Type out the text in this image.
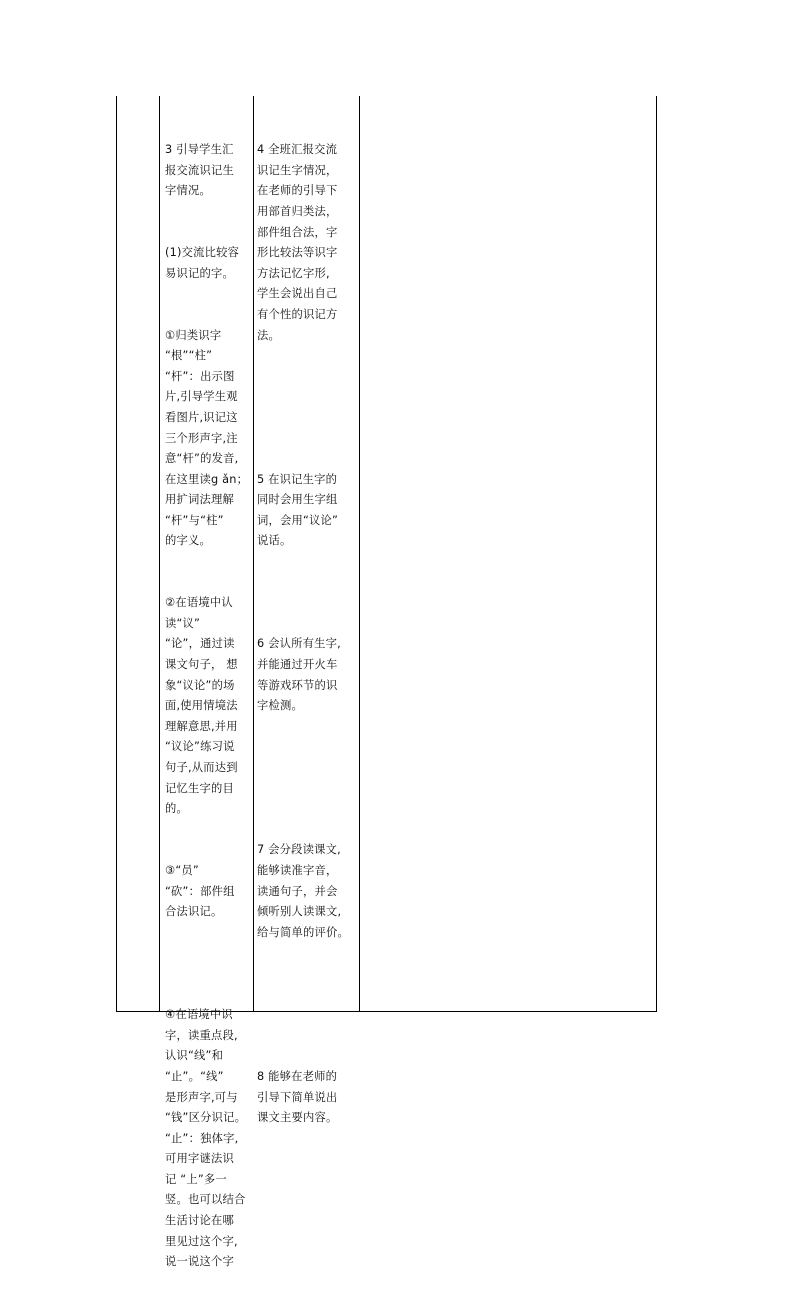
3 引导学生汇
报交流识记生
字情况。

(1)交流比较容
易识记的字。

①归类识字
“根”“柱”
“杆”：出示图
片,引导学生观
看图片,识记这
三个形声字,注
意“杆”的发音,
在这里读g ǎn；
用扩词法理解
“杆”与“柱”
的字义。

②在语境中认
读“议”
“论”，通过读
课文句子， 想
象“议论”的场
面,使用情境法
理解意思,并用
“议论”练习说
句子,从而达到
记忆生字的目
的。

③“员”
“砍”：部件组
合法识记。

④在语境中识
字，读重点段,
认识“线”和
“止”。“线”
是形声字,可与
“钱”区分识记。
“止”：独体字,
可用字谜法识
记 “上”多一
竖。也可以结合
生活讨论在哪
里见过这个字,
说一说这个字

4 全班汇报交流
识记生字情况，
在老师的引导下
用部首归类法，
部件组合法，字
形比较法等识字
方法记忆字形,
学生会说出自己
有个性的识记方
法。

5 在识记生字的
同时会用生字组
词，会用“议论”
说话。

6 会认所有生字,
并能通过开火车
等游戏环节的识
字检测。

7 会分段读课文,
能够读准字音，
读通句子，并会
倾听别人读课文,
给与简单的评价。

8 能够在老师的
引导下简单说出
课文主要内容。
